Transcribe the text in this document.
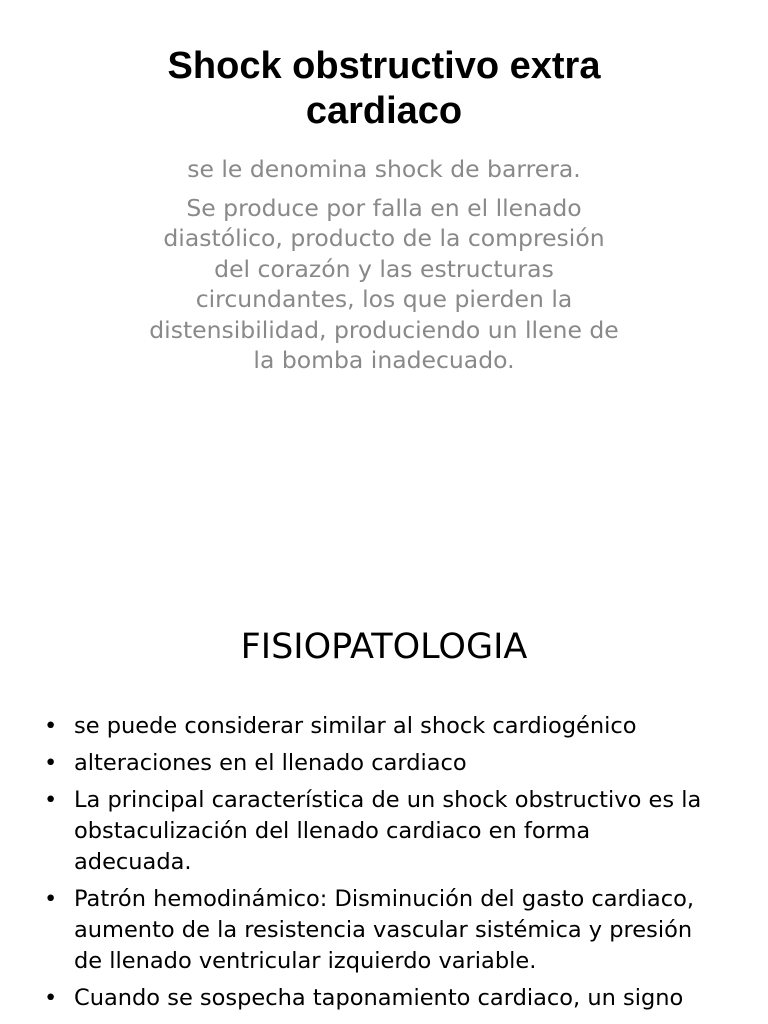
Shock obstructivo extra
cardiaco
se le denomina shock de barrera.
Se produce por falla en el llenado
diastólico, producto de la compresión
del corazón y las estructuras
circundantes, los que pierden la
distensibilidad, produciendo un llene de
la bomba inadecuado.
FISIOPATOLOGIA
• se puede considerar similar al shock cardiogénico
• alteraciones en el llenado cardiaco
• La principal característica de un shock obstructivo es la
obstaculización del llenado cardiaco en forma
adecuada.
• Patrón hemodinámico: Disminución del gasto cardiaco,
aumento de la resistencia vascular sistémica y presión
de llenado ventricular izquierdo variable.
• Cuando se sospecha taponamiento cardiaco, un signo
